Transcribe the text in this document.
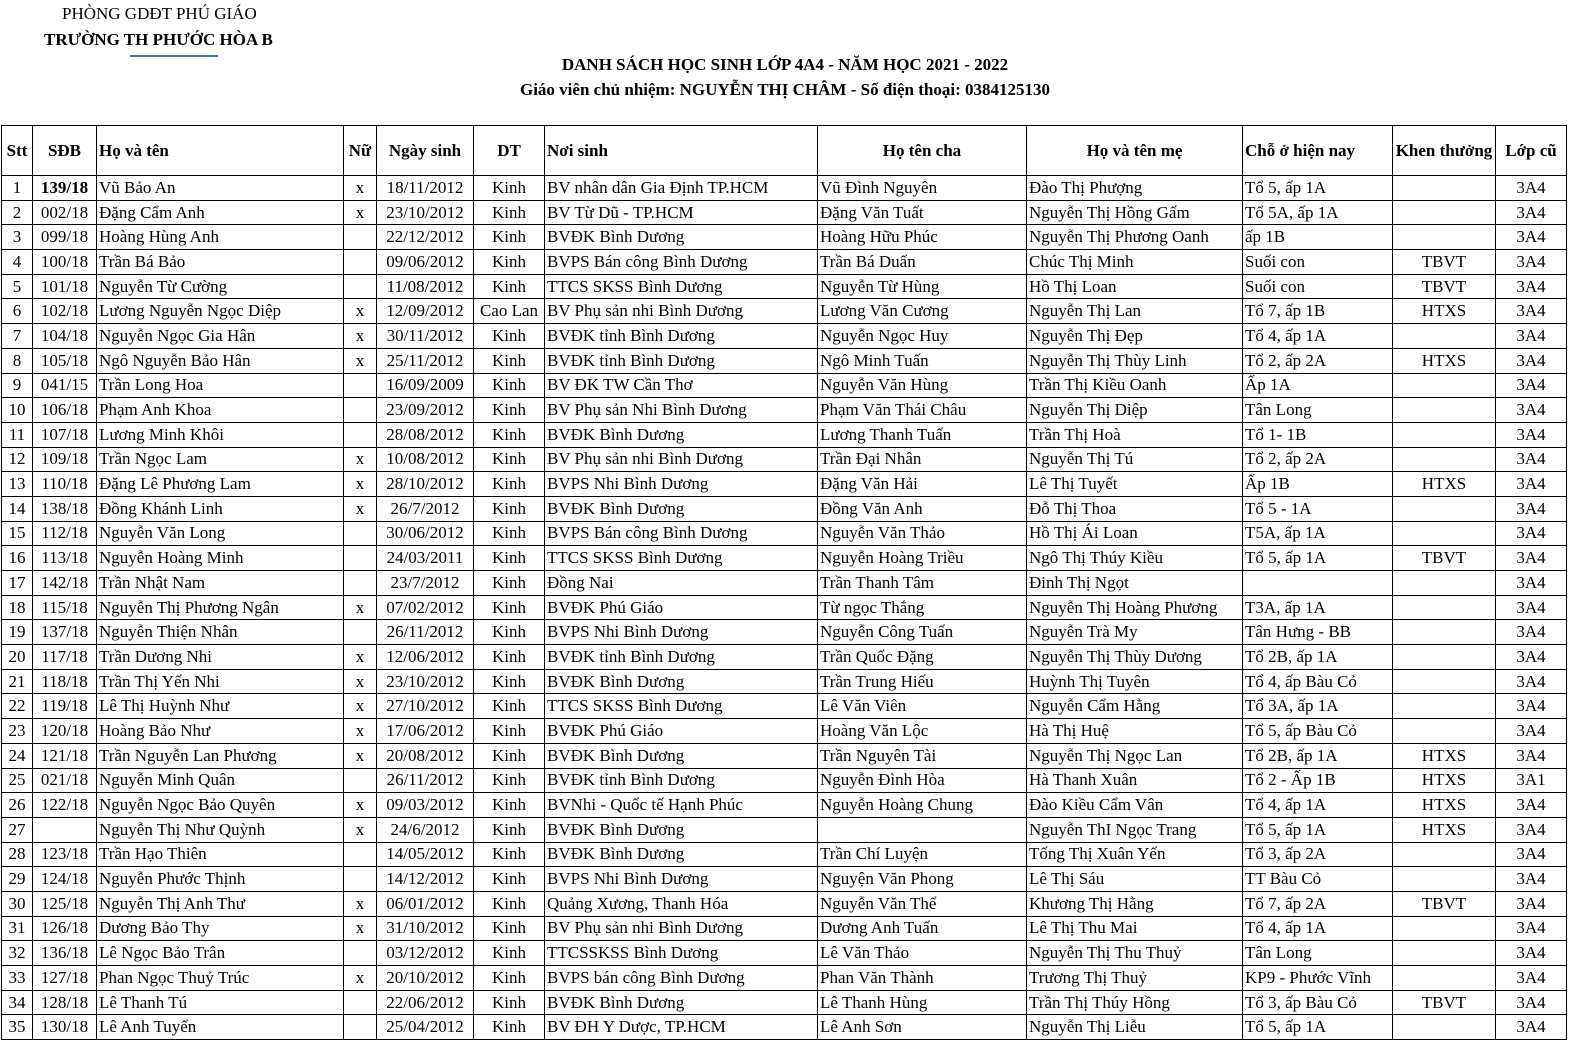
PHÒNG GDĐT PHÚ GIÁO
TRƯỜNG TH PHƯỚC HÒA B
DANH SÁCH HỌC SINH LỚP 4A4 - NĂM HỌC 2021 - 2022
Giáo viên chủ nhiệm: NGUYỄN THỊ CHÂM - Số điện thoại: 0384125130
Stt	SĐB	Họ và tên	Nữ	Ngày sinh	DT	Nơi sinh	Họ tên cha	Họ và tên mẹ	Chỗ ở hiện nay	Khen thưởng	Lớp cũ
1	139/18	Vũ Bảo An	x	18/11/2012	Kinh	BV nhân dân Gia Định TP.HCM	Vũ Đình Nguyên	Đào Thị Phượng	Tổ 5, ấp 1A		3A4
2	002/18	Đặng Cẩm Anh	x	23/10/2012	Kinh	BV Từ Dũ - TP.HCM	Đặng Văn Tuất	Nguyễn Thị Hồng Gấm	Tổ 5A, ấp 1A		3A4
3	099/18	Hoàng Hùng Anh		22/12/2012	Kinh	BVĐK Bình Dương	Hoàng Hữu Phúc	Nguyễn Thị Phương Oanh	ấp 1B		3A4
4	100/18	Trần Bá Bảo		09/06/2012	Kinh	BVPS Bán công Bình Dương	Trần Bá Duẩn	Chúc Thị Minh	Suối con	TBVT	3A4
5	101/18	Nguyễn Từ Cường		11/08/2012	Kinh	TTCS SKSS Bình Dương	Nguyễn Từ Hùng	Hồ Thị Loan	Suối con	TBVT	3A4
6	102/18	Lương Nguyễn Ngọc Diệp	x	12/09/2012	Cao Lan	BV Phụ sản nhi Bình Dương	Lương Văn Cương	Nguyễn Thị Lan	Tổ 7, ấp 1B	HTXS	3A4
7	104/18	Nguyễn Ngọc Gia Hân	x	30/11/2012	Kinh	BVĐK tỉnh Bình Dương	Nguyễn Ngọc Huy	Nguyễn Thị Đẹp	Tổ 4, ấp 1A		3A4
8	105/18	Ngô Nguyễn Bảo Hân	x	25/11/2012	Kinh	BVĐK tỉnh Bình Dương	Ngô Minh Tuấn	Nguyễn Thị Thùy Linh	Tổ 2, ấp 2A	HTXS	3A4
9	041/15	Trần Long Hoa		16/09/2009	Kinh	BV ĐK TW Cần Thơ	Nguyễn Văn Hùng	Trần Thị Kiều Oanh	Ấp 1A		3A4
10	106/18	Phạm Anh Khoa		23/09/2012	Kinh	BV Phụ sản Nhi Bình Dương	Phạm Văn Thái Châu	Nguyễn Thị Diệp	Tân Long		3A4
11	107/18	Lương Minh Khôi		28/08/2012	Kinh	BVĐK Bình Dương	Lương Thanh Tuấn	Trần Thị Hoà	Tổ 1- 1B		3A4
12	109/18	Trần Ngọc Lam	x	10/08/2012	Kinh	BV Phụ sản nhi Bình Dương	Trần Đại Nhân	Nguyễn Thị Tú	Tổ 2, ấp 2A		3A4
13	110/18	Đặng Lê Phương Lam	x	28/10/2012	Kinh	BVPS Nhi Bình Dương	Đặng Văn Hải	Lê Thị Tuyết	Ấp 1B	HTXS	3A4
14	138/18	Đồng Khánh Linh	x	26/7/2012	Kinh	BVĐK Bình Dương	Đồng Văn Anh	Đỗ Thị Thoa	Tổ 5 - 1A		3A4
15	112/18	Nguyễn Văn Long		30/06/2012	Kinh	BVPS Bán công Bình Dương	Nguyễn Văn Thảo	Hồ Thị Ái Loan	T5A, ấp 1A		3A4
16	113/18	Nguyễn Hoàng Minh		24/03/2011	Kinh	TTCS SKSS Bình Dương	Nguyễn Hoàng Triều	Ngô Thị Thúy Kiều	Tổ 5, ấp 1A	TBVT	3A4
17	142/18	Trần Nhật Nam		23/7/2012	Kinh	Đồng Nai	Trần Thanh Tâm	Đinh Thị Ngọt			3A4
18	115/18	Nguyễn Thị Phương Ngân	x	07/02/2012	Kinh	BVĐK Phú Giáo	Từ ngọc Thắng	Nguyễn Thị Hoàng Phương	T3A, ấp 1A		3A4
19	137/18	Nguyễn Thiện Nhân		26/11/2012	Kinh	BVPS Nhi Bình Dương	Nguyễn Công Tuấn	Nguyễn Trà My	Tân Hưng - BB		3A4
20	117/18	Trần Dương Nhi	x	12/06/2012	Kinh	BVĐK tỉnh Bình Dương	Trần Quốc Đặng	Nguyễn Thị Thùy Dương	Tổ 2B, ấp 1A		3A4
21	118/18	Trần Thị Yến Nhi	x	23/10/2012	Kinh	BVĐK Bình Dương	Trần Trung Hiếu	Huỳnh Thị Tuyên	Tổ 4, ấp Bàu Cỏ		3A4
22	119/18	Lê Thị Huỳnh Như	x	27/10/2012	Kinh	TTCS SKSS Bình Dương	Lê Văn Viên	Nguyễn Cẩm Hằng	Tổ 3A, ấp 1A		3A4
23	120/18	Hoàng Bảo Như	x	17/06/2012	Kinh	BVĐK Phú Giáo	Hoàng Văn Lộc	Hà Thị Huệ	Tổ 5, ấp Bàu Cỏ		3A4
24	121/18	Trần Nguyễn Lan Phương	x	20/08/2012	Kinh	BVĐK Bình Dương	Trần Nguyên Tài	Nguyễn Thị Ngọc Lan	Tổ 2B, ấp 1A	HTXS	3A4
25	021/18	Nguyễn Minh Quân		26/11/2012	Kinh	BVĐK tỉnh Bình Dương	Nguyễn Đình Hòa	Hà Thanh Xuân	Tổ 2 - Ấp 1B	HTXS	3A1
26	122/18	Nguyễn Ngọc Bảo Quyên	x	09/03/2012	Kinh	BVNhi - Quốc tế Hạnh Phúc	Nguyễn Hoàng Chung	Đào Kiều Cẩm Vân	Tổ 4, ấp 1A	HTXS	3A4
27		Nguyễn Thị Như Quỳnh	x	24/6/2012	Kinh	BVĐK Bình Dương		Nguyễn ThI Ngọc Trang	Tổ 5, ấp 1A	HTXS	3A4
28	123/18	Trần Hạo Thiên		14/05/2012	Kinh	BVĐK Bình Dương	Trần Chí Luyện	Tống Thị Xuân Yến	Tổ 3, ấp 2A		3A4
29	124/18	Nguyễn Phước Thịnh		14/12/2012	Kinh	BVPS Nhi Bình Dương	Nguyện Văn Phong	Lê Thị Sáu	TT Bàu Cỏ		3A4
30	125/18	Nguyễn Thị Anh Thư	x	06/01/2012	Kinh	Quảng Xương, Thanh Hóa	Nguyễn Văn Thể	Khương Thị Hằng	Tổ 7, ấp 2A	TBVT	3A4
31	126/18	Dương Bảo Thy	x	31/10/2012	Kinh	BV Phụ sản nhi Bình Dương	Dương Anh Tuấn	Lê Thị Thu Mai	Tổ 4, ấp 1A		3A4
32	136/18	Lê Ngọc Bảo Trân		03/12/2012	Kinh	TTCSSKSS Bình Dương	Lê Văn Thảo	Nguyễn Thị Thu Thuỷ	Tân Long		3A4
33	127/18	Phan Ngọc Thuỷ Trúc	x	20/10/2012	Kinh	BVPS bán công Bình Dương	Phan Văn Thành	Trương Thị Thuỷ	KP9 - Phước Vĩnh		3A4
34	128/18	Lê Thanh Tú		22/06/2012	Kinh	BVĐK Bình Dương	Lê Thanh Hùng	Trần Thị Thúy Hồng	Tổ 3, ấp Bàu Cỏ	TBVT	3A4
35	130/18	Lê Anh Tuyển		25/04/2012	Kinh	BV ĐH Y Dược, TP.HCM	Lê Anh Sơn	Nguyễn Thị Liễu	Tổ 5, ấp 1A		3A4
